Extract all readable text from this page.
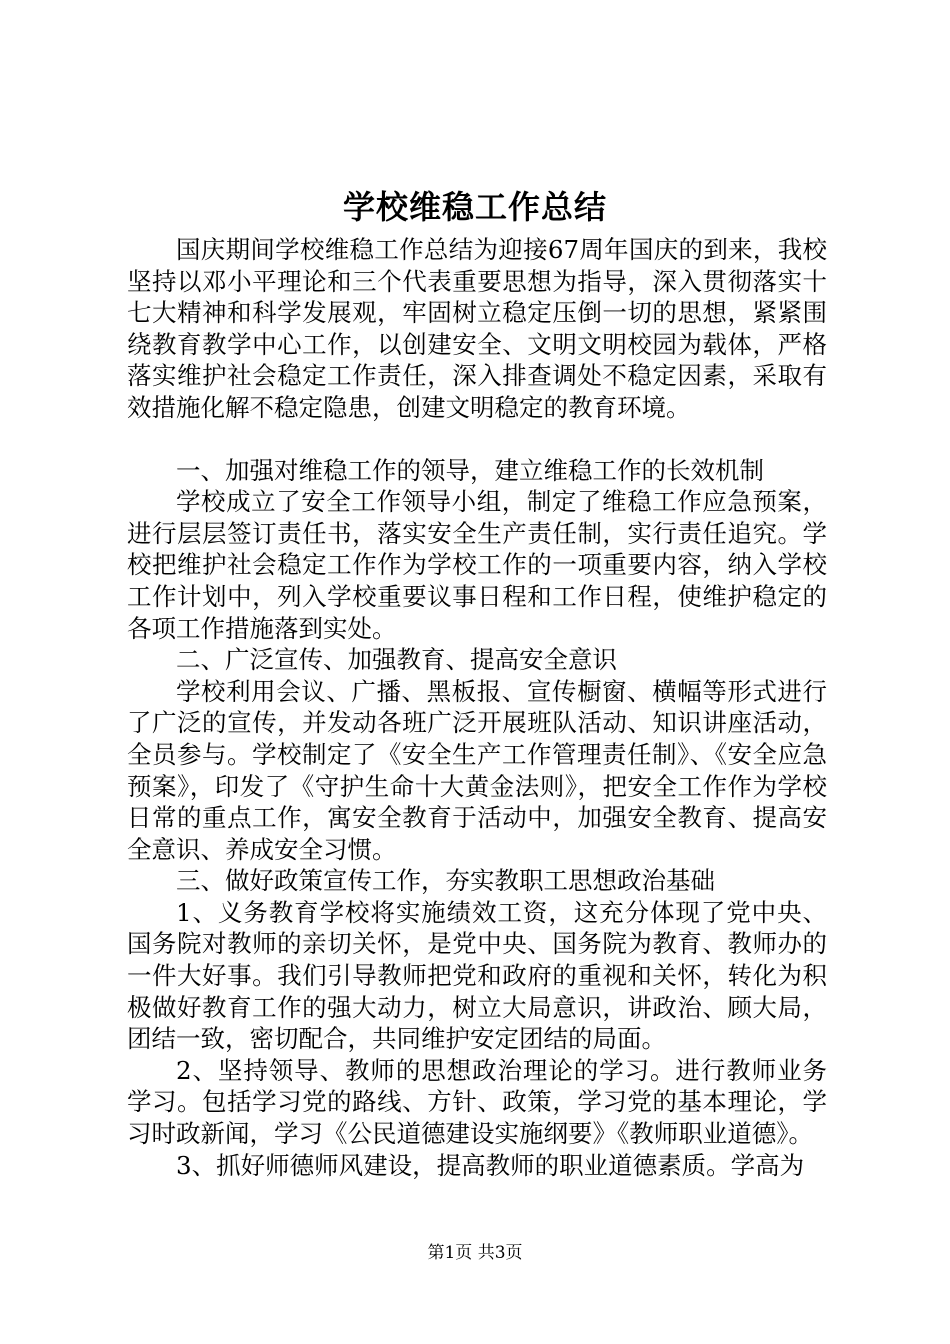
学校维稳工作总结

国庆期间学校维稳工作总结为迎接67周年国庆的到来，我校坚持以邓小平理论和三个代表重要思想为指导，深入贯彻落实十七大精神和科学发展观，牢固树立稳定压倒一切的思想，紧紧围绕教育教学中心工作，以创建安全、文明文明校园为载体，严格落实维护社会稳定工作责任，深入排查调处不稳定因素，采取有效措施化解不稳定隐患，创建文明稳定的教育环境。

一、加强对维稳工作的领导，建立维稳工作的长效机制

学校成立了安全工作领导小组，制定了维稳工作应急预案，进行层层签订责任书，落实安全生产责任制，实行责任追究。学校把维护社会稳定工作作为学校工作的一项重要内容，纳入学校工作计划中，列入学校重要议事日程和工作日程，使维护稳定的各项工作措施落到实处。

二、广泛宣传、加强教育、提高安全意识

学校利用会议、广播、黑板报、宣传橱窗、横幅等形式进行了广泛的宣传，并发动各班广泛开展班队活动、知识讲座活动，全员参与。学校制定了《安全生产工作管理责任制》、《安全应急预案》，印发了《守护生命十大黄金法则》，把安全工作作为学校日常的重点工作，寓安全教育于活动中，加强安全教育、提高安全意识、养成安全习惯。

三、做好政策宣传工作，夯实教职工思想政治基础

1、义务教育学校将实施绩效工资，这充分体现了党中央、国务院对教师的亲切关怀，是党中央、国务院为教育、教师办的一件大好事。我们引导教师把党和政府的重视和关怀，转化为积极做好教育工作的强大动力，树立大局意识，讲政治、顾大局，团结一致，密切配合，共同维护安定团结的局面。

2、坚持领导、教师的思想政治理论的学习。进行教师业务学习。包括学习党的路线、方针、政策，学习党的基本理论，学习时政新闻，学习《公民道德建设实施纲要》《教师职业道德》。

3、抓好师德师风建设，提高教师的职业道德素质。学高为

第1页 共3页
